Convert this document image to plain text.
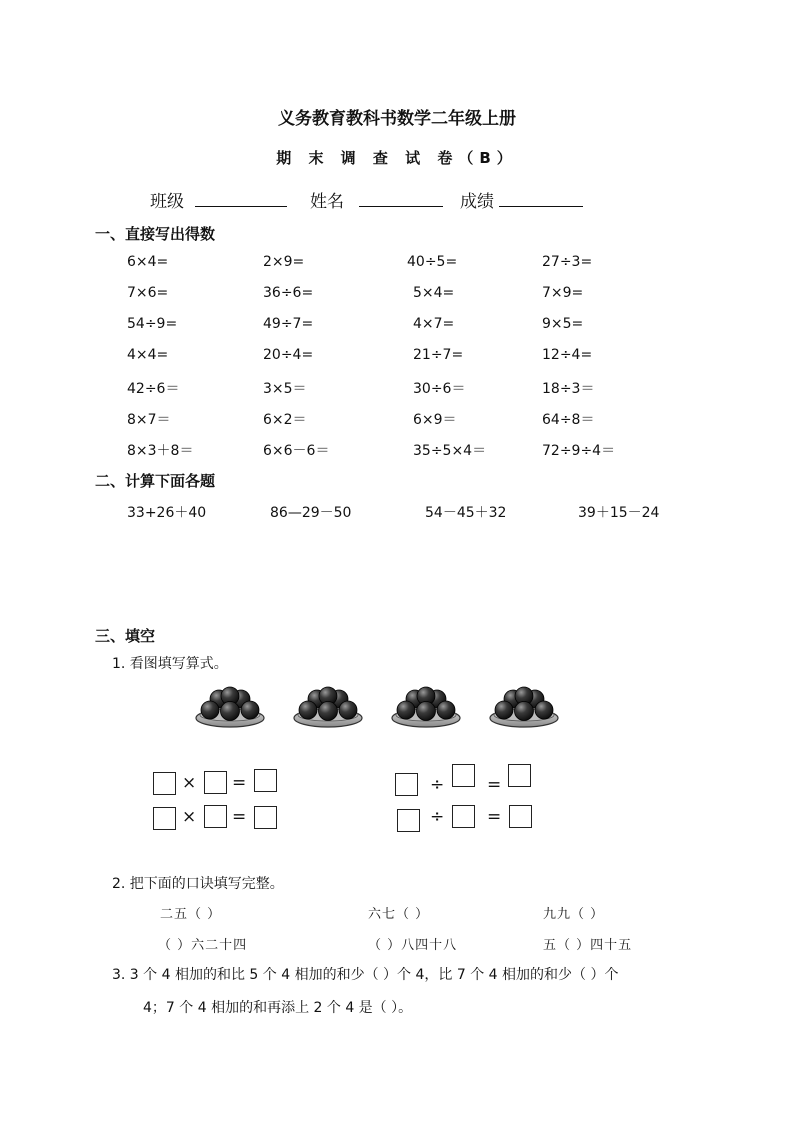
义务教育教科书数学二年级上册
期 末 调 查 试 卷（B）
班级	姓名	成绩
一、直接写出得数
6×4=	2×9=	40÷5=	27÷3=
7×6=	36÷6=	5×4=	7×9=
54÷9=	49÷7=	4×7=	9×5=
4×4=	20÷4=	21÷7=	12÷4=
42÷6＝	3×5＝	30÷6＝	18÷3＝
8×7＝	6×2＝	6×9＝	64÷8＝
8×3＋8＝	6×6－6＝	35÷5×4＝	72÷9÷4＝
二、计算下面各题
33+26＋40	86—29－50	54－45＋32	39＋15－24
三、填空
1. 看图填写算式。
× =
× =
÷	=
÷	=
2. 把下面的口诀填写完整。
二五（ ）	六七（ ）	九九（ ）
（ ）六二十四	（ ）八四十八	五（ ）四十五
3. 3 个 4 相加的和比 5 个 4 相加的和少（ ）个 4，比 7 个 4 相加的和少（ ）个
4；7 个 4 相加的和再添上 2 个 4 是（ ）。
